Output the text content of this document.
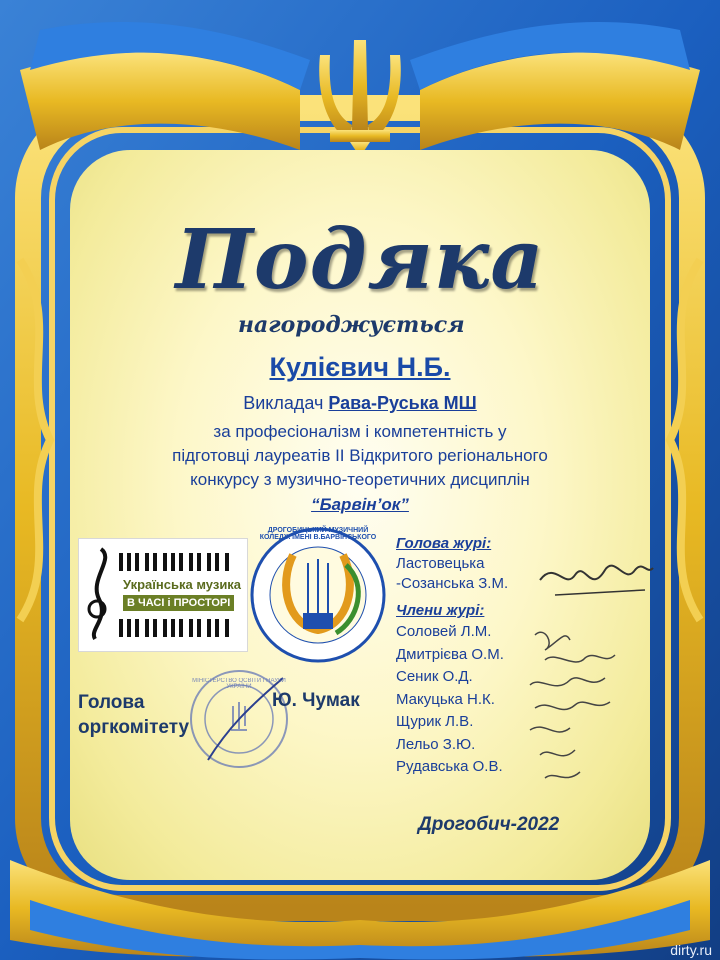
Подяка
нагороджується
Кулієвич Н.Б.
Викладач Рава-Руська МШ
за професіоналізм і компетентність у
підготовці лауреатів II Відкритого регіонального
конкурсу з музично-теоретичних дисциплін
“Барвін’ок”
Українська музика
В ЧАСІ і ПРОСТОРІ
ДРОГОБИЦЬКИЙ МУЗИЧНИЙ КОЛЕДЖ ІМЕНІ В.БАРВІНСЬКОГО
МІНІСТЕРСТВО ОСВІТИ І НАУКИ УКРАЇНИ
Голова
оргкомітету
Ю. Чумак
Голова журі:
Ластовецька
-Созанська З.М.
Члени журі:
Соловей Л.М.
Дмитрієва О.М.
Сеник О.Д.
Макуцька Н.К.
Щурик Л.В.
Лельо З.Ю.
Рудавська О.В.
Дрогобич-2022
dirty.ru
